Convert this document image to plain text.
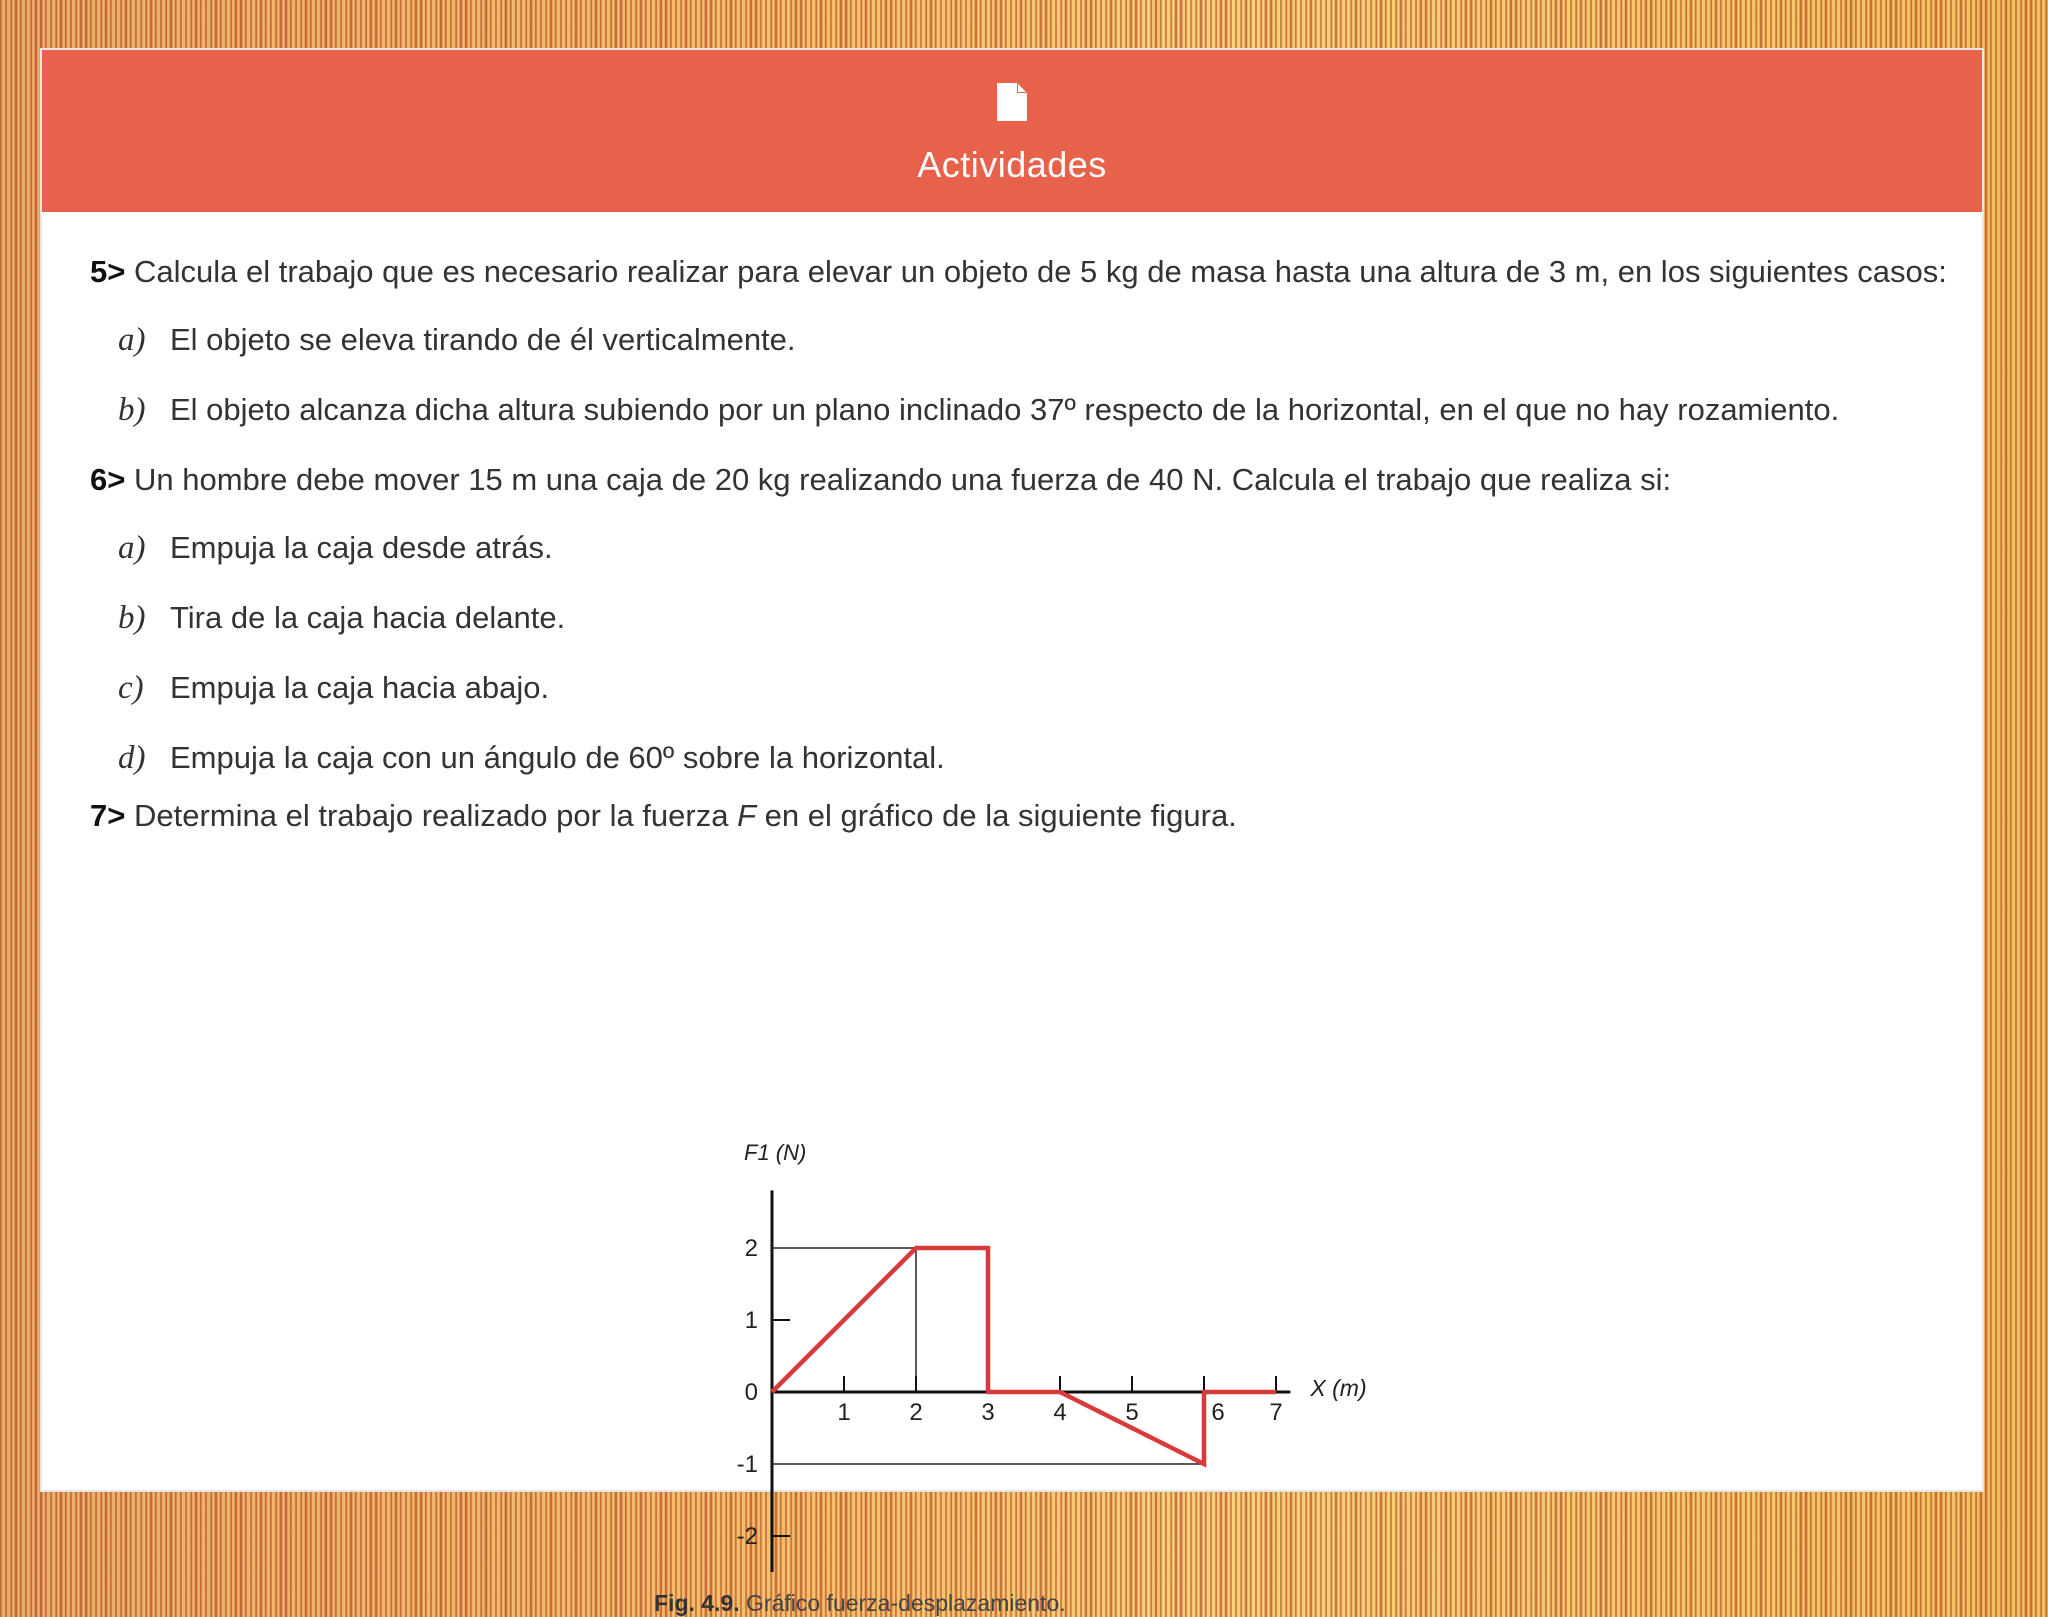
Actividades
5> Calcula el trabajo que es necesario realizar para elevar un objeto de 5 kg de masa hasta una altura de 3 m, en los siguientes casos:
a) El objeto se eleva tirando de él verticalmente.
b) El objeto alcanza dicha altura subiendo por un plano inclinado 37º respecto de la horizontal, en el que no hay rozamiento.
6> Un hombre debe mover 15 m una caja de 20 kg realizando una fuerza de 40 N. Calcula el trabajo que realiza si:
a) Empuja la caja desde atrás.
b) Tira de la caja hacia delante.
c) Empuja la caja hacia abajo.
d) Empuja la caja con un ángulo de 60º sobre la horizontal.
7> Determina el trabajo realizado por la fuerza F en el gráfico de la siguiente figura.
1 2 3 4 5	6 7
2
1
0
-1
-2
F1 (N)
X (m)
Fig. 4.9. Gráfico fuerza-desplazamiento.
